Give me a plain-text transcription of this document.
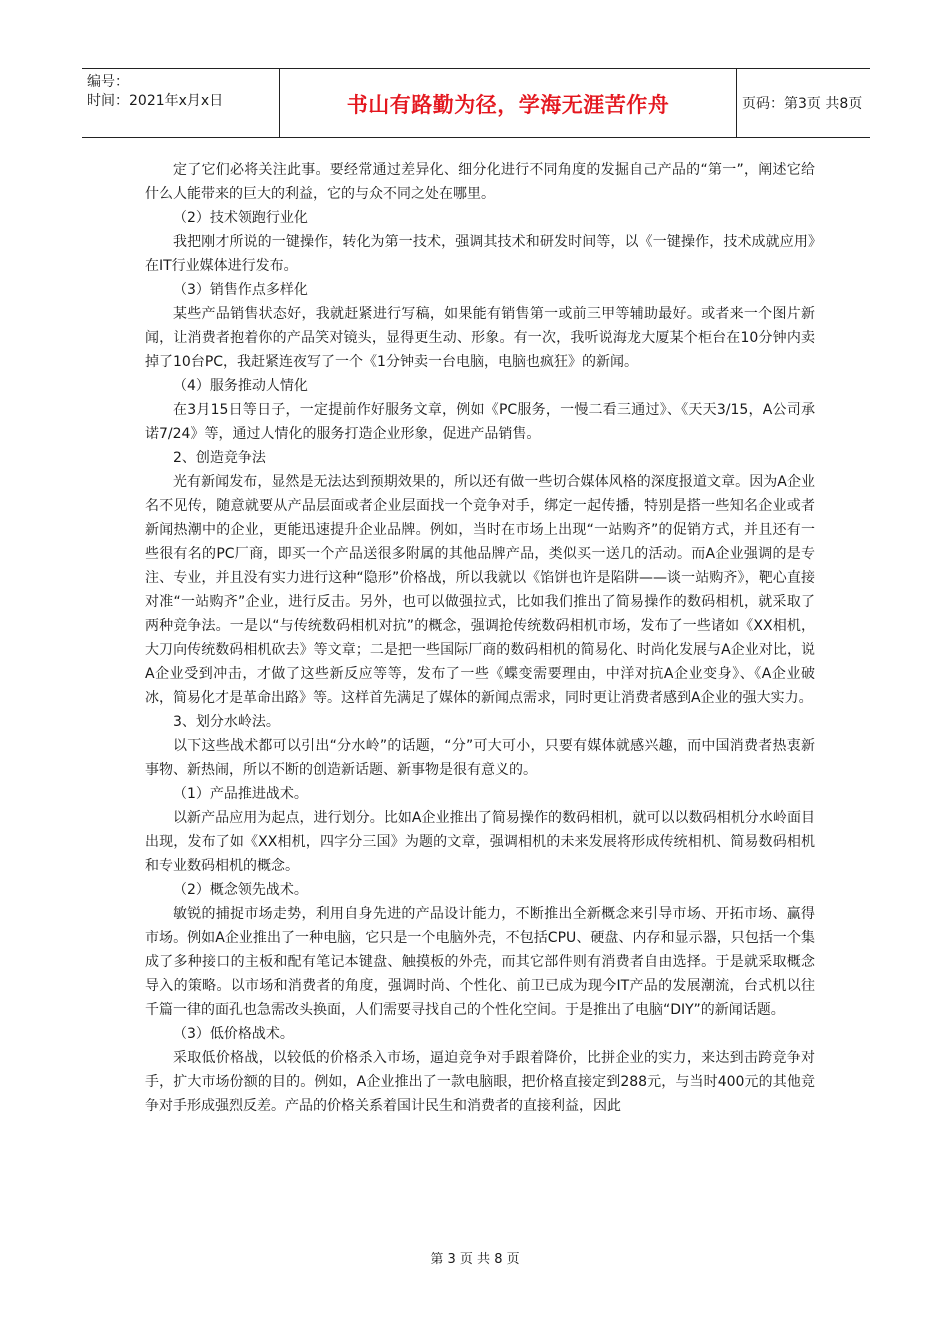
编号：
时间：2021年x月x日	书山有路勤为径，学海无涯苦作舟	页码：第3页 共8页

定了它们必将关注此事。要经常通过差异化、细分化进行不同角度的发掘自己产品的“第一”，阐述它给什么人能带来的巨大的利益，它的与众不同之处在哪里。

（2）技术领跑行业化

我把刚才所说的一键操作，转化为第一技术，强调其技术和研发时间等，以《一键操作，技术成就应用》在IT行业媒体进行发布。

（3）销售作点多样化

某些产品销售状态好，我就赶紧进行写稿，如果能有销售第一或前三甲等辅助最好。或者来一个图片新闻，让消费者抱着你的产品笑对镜头，显得更生动、形象。有一次，我听说海龙大厦某个柜台在10分钟内卖掉了10台PC，我赶紧连夜写了一个《1分钟卖一台电脑，电脑也疯狂》的新闻。

（4）服务推动人情化

在3月15日等日子，一定提前作好服务文章，例如《PC服务，一慢二看三通过》、《天天3/15，A公司承诺7/24》等，通过人情化的服务打造企业形象，促进产品销售。

2、创造竞争法

光有新闻发布，显然是无法达到预期效果的，所以还有做一些切合媒体风格的深度报道文章。因为A企业名不见传，随意就要从产品层面或者企业层面找一个竞争对手，绑定一起传播，特别是搭一些知名企业或者新闻热潮中的企业，更能迅速提升企业品牌。例如，当时在市场上出现“一站购齐”的促销方式，并且还有一些很有名的PC厂商，即买一个产品送很多附属的其他品牌产品，类似买一送几的活动。而A企业强调的是专注、专业，并且没有实力进行这种“隐形”价格战，所以我就以《馅饼也许是陷阱——谈一站购齐》，靶心直接对准“一站购齐”企业，进行反击。另外，也可以做强拉式，比如我们推出了简易操作的数码相机，就采取了两种竞争法。一是以“与传统数码相机对抗”的概念，强调抢传统数码相机市场，发布了一些诸如《XX相机，大刀向传统数码相机砍去》等文章；二是把一些国际厂商的数码相机的简易化、时尚化发展与A企业对比，说A企业受到冲击，才做了这些新反应等等，发布了一些《蝶变需要理由，中洋对抗A企业变身》、《A企业破冰，简易化才是革命出路》等。这样首先满足了媒体的新闻点需求，同时更让消费者感到A企业的强大实力。

3、划分水岭法。

以下这些战术都可以引出“分水岭”的话题，“分”可大可小，只要有媒体就感兴趣，而中国消费者热衷新事物、新热闹，所以不断的创造新话题、新事物是很有意义的。

（1）产品推进战术。

以新产品应用为起点，进行划分。比如A企业推出了简易操作的数码相机，就可以以数码相机分水岭面目出现，发布了如《XX相机，四字分三国》为题的文章，强调相机的未来发展将形成传统相机、简易数码相机和专业数码相机的概念。

（2）概念领先战术。

敏锐的捕捉市场走势，利用自身先进的产品设计能力，不断推出全新概念来引导市场、开拓市场、赢得市场。例如A企业推出了一种电脑，它只是一个电脑外壳，不包括CPU、硬盘、内存和显示器，只包括一个集成了多种接口的主板和配有笔记本键盘、触摸板的外壳，而其它部件则有消费者自由选择。于是就采取概念导入的策略。以市场和消费者的角度，强调时尚、个性化、前卫已成为现今IT产品的发展潮流，台式机以往千篇一律的面孔也急需改头换面，人们需要寻找自己的个性化空间。于是推出了电脑“DIY”的新闻话题。

（3）低价格战术。

采取低价格战，以较低的价格杀入市场，逼迫竞争对手跟着降价，比拼企业的实力，来达到击跨竞争对手，扩大市场份额的目的。例如，A企业推出了一款电脑眼，把价格直接定到288元，与当时400元的其他竞争对手形成强烈反差。产品的价格关系着国计民生和消费者的直接利益，因此

第 3 页 共 8 页
